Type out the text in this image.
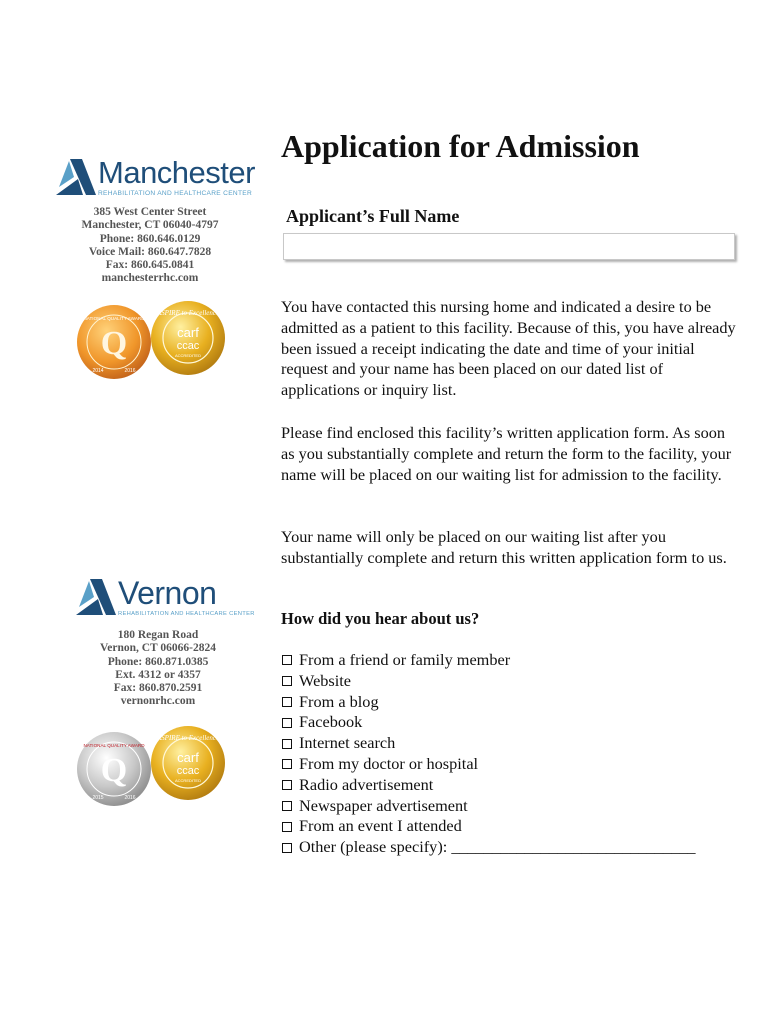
Manchester
REHABILITATION AND HEALTHCARE CENTER
385 West Center Street
Manchester, CT 06040-4797
Phone: 860.646.0129
Voice Mail: 860.647.7828
Fax: 860.645.0841
manchesterrhc.com
Q
NATIONAL QUALITY AWARD
2014	2016
ASPIRE to Excellence
carf
ccac
ACCREDITED
Vernon
REHABILITATION AND HEALTHCARE CENTER
180 Regan Road
Vernon, CT 06066-2824
Phone: 860.871.0385
Ext. 4312 or 4357
Fax: 860.870.2591
vernonrhc.com
Q
NATIONAL QUALITY AWARD
2015	2016
ASPIRE to Excellence
carf
ccac
ACCREDITED
Application for Admission
Applicant’s Full Name
You have contacted this nursing home and indicated a desire to be admitted as a patient to this facility. Because of this, you have already been issued a receipt indicating the date and time of your initial request and your name has been placed on our dated list of applications or inquiry list.
Please find enclosed this facility’s written application form. As soon as you substantially complete and return the form to the facility, your name will be placed on our waiting list for admission to the facility.
Your name will only be placed on our waiting list after you substantially complete and return this written application form to us.
How did you hear about us?
From a friend or family member
Website
From a blog
Facebook
Internet search
From my doctor or hospital
Radio advertisement
Newspaper advertisement
From an event I attended
Other (please specify): ______________________________
